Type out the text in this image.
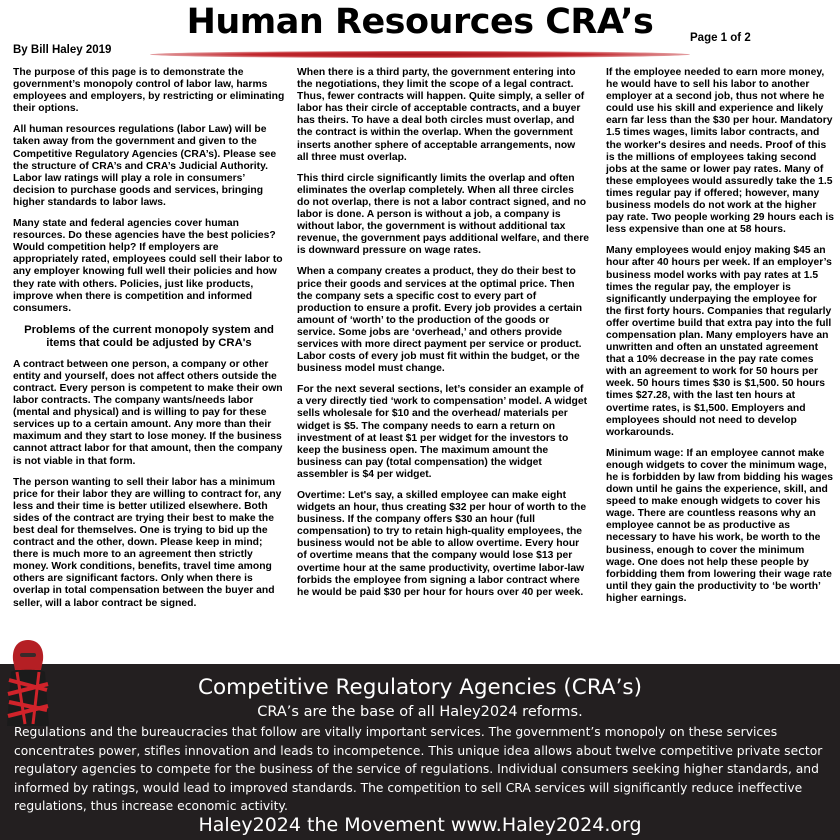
Human Resources CRA’s
By Bill Haley 2019
Page 1 of 2

The purpose of this page is to demonstrate the government’s monopoly control of labor law, harms employees and employers, by restricting or eliminating their options.

All human resources regulations (labor Law) will be taken away from the government and given to the Competitive Regulatory Agencies (CRA’s). Please see the structure of CRA’s and CRA’s Judicial Authority. Labor law ratings will play a role in consumers’ decision to purchase goods and services, bringing higher standards to labor laws.

Many state and federal agencies cover human resources. Do these agencies have the best policies? Would competition help? If employers are appropriately rated, employees could sell their labor to any employer knowing full well their policies and how they rate with others. Policies, just like products, improve when there is competition and informed consumers.

Problems of the current monopoly system and items that could be adjusted by CRA's

A contract between one person, a company or other entity and yourself, does not affect others outside the contract. Every person is competent to make their own labor contracts. The company wants/needs labor (mental and physical) and is willing to pay for these services up to a certain amount. Any more than their maximum and they start to lose money. If the business cannot attract labor for that amount, then the company is not viable in that form.

The person wanting to sell their labor has a minimum price for their labor they are willing to contract for, any less and their time is better utilized elsewhere. Both sides of the contract are trying their best to make the best deal for themselves. One is trying to bid up the contract and the other, down. Please keep in mind; there is much more to an agreement then strictly money. Work conditions, benefits, travel time among others are significant factors. Only when there is overlap in total compensation between the buyer and seller, will a labor contract be signed.

When there is a third party, the government entering into the negotiations, they limit the scope of a legal contract. Thus, fewer contracts will happen. Quite simply, a seller of labor has their circle of acceptable contracts, and a buyer has theirs. To have a deal both circles must overlap, and the contract is within the overlap. When the government inserts another sphere of acceptable arrangements, now all three must overlap.

This third circle significantly limits the overlap and often eliminates the overlap completely. When all three circles do not overlap, there is not a labor contract signed, and no labor is done. A person is without a job, a company is without labor, the government is without additional tax revenue, the government pays additional welfare, and there is downward pressure on wage rates.

When a company creates a product, they do their best to price their goods and services at the optimal price. Then the company sets a specific cost to every part of production to ensure a profit. Every job provides a certain amount of ‘worth’ to the production of the goods or service. Some jobs are ‘overhead,’ and others provide services with more direct payment per service or product. Labor costs of every job must fit within the budget, or the business model must change.

For the next several sections, let’s consider an example of a very directly tied ‘work to compensation’ model. A widget sells wholesale for $10 and the overhead/ materials per widget is $5. The company needs to earn a return on investment of at least $1 per widget for the investors to keep the business open. The maximum amount the business can pay (total compensation) the widget assembler is $4 per widget.

Overtime: Let's say, a skilled employee can make eight widgets an hour, thus creating $32 per hour of worth to the business. If the company offers $30 an hour (full compensation) to try to retain high-quality employees, the business would not be able to allow overtime. Every hour of overtime means that the company would lose $13 per overtime hour at the same productivity, overtime labor-law forbids the employee from signing a labor contract where he would be paid $30 per hour for hours over 40 per week.

If the employee needed to earn more money, he would have to sell his labor to another employer at a second job, thus not where he could use his skill and experience and likely earn far less than the $30 per hour. Mandatory 1.5 times wages, limits labor contracts, and the worker's desires and needs. Proof of this is the millions of employees taking second jobs at the same or lower pay rates. Many of these employees would assuredly take the 1.5 times regular pay if offered; however, many business models do not work at the higher pay rate. Two people working 29 hours each is less expensive than one at 58 hours.

Many employees would enjoy making $45 an hour after 40 hours per week. If an employer’s business model works with pay rates at 1.5 times the regular pay, the employer is significantly underpaying the employee for the first forty hours. Companies that regularly offer overtime build that extra pay into the full compensation plan. Many employers have an unwritten and often an unstated agreement that a 10% decrease in the pay rate comes with an agreement to work for 50 hours per week. 50 hours times $30 is $1,500. 50 hours times $27.28, with the last ten hours at overtime rates, is $1,500. Employers and employees should not need to develop workarounds.

Minimum wage: If an employee cannot make enough widgets to cover the minimum wage, he is forbidden by law from bidding his wages down until he gains the experience, skill, and speed to make enough widgets to cover his wage. There are countless reasons why an employee cannot be as productive as necessary to have his work, be worth to the business, enough to cover the minimum wage. One does not help these people by forbidding them from lowering their wage rate until they gain the productivity to ‘be worth’ higher earnings.

Competitive Regulatory Agencies (CRA’s)
CRA’s are the base of all Haley2024 reforms.
Regulations and the bureaucracies that follow are vitally important services. The government’s monopoly on these services concentrates power, stifles innovation and leads to incompetence. This unique idea allows about twelve competitive private sector regulatory agencies to compete for the business of the service of regulations. Individual consumers seeking higher standards, and informed by ratings, would lead to improved standards. The competition to sell CRA services will significantly reduce ineffective regulations, thus increase economic activity.
Haley2024 the Movement www.Haley2024.org
